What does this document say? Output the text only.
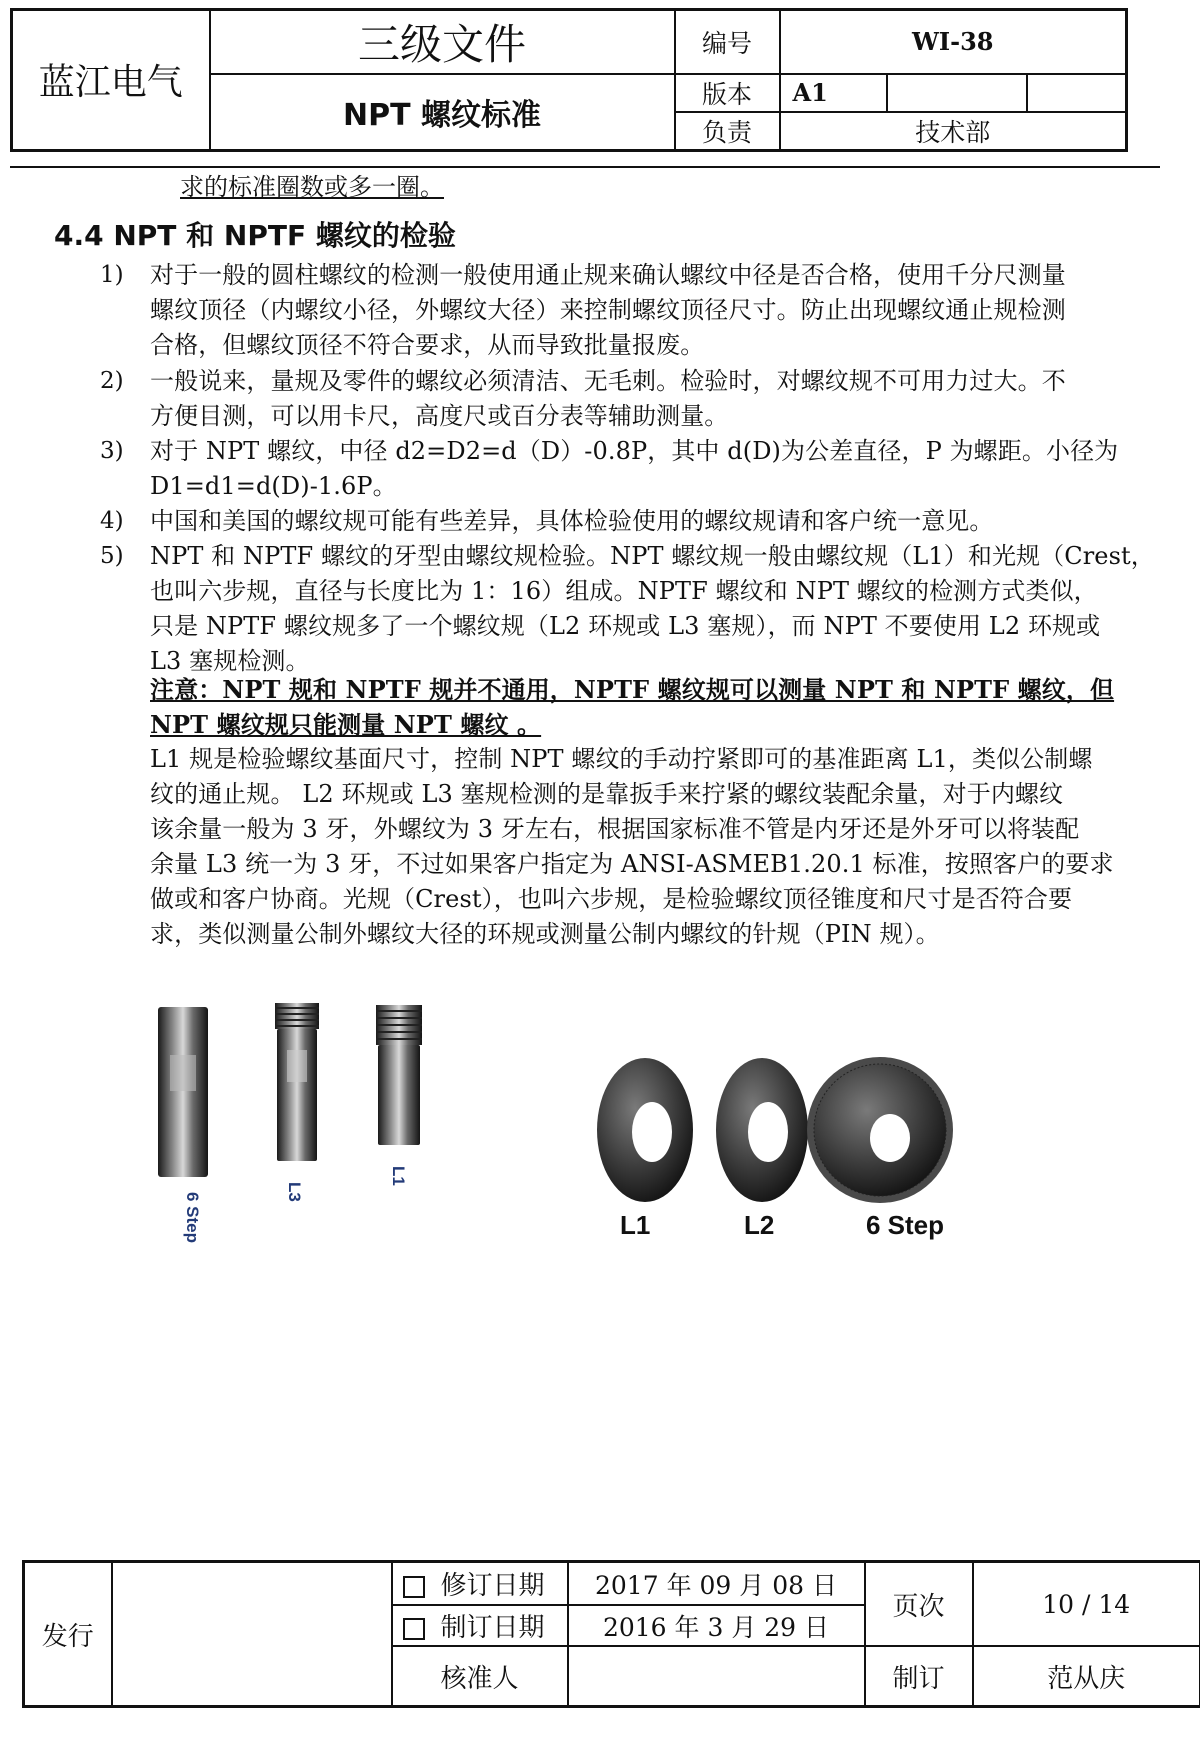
蓝江电气	三级文件	编号	WI-38			
	NPT 螺纹标准	版本	A1			
		负责	技术部			
求的标准圈数或多一圈。
4.4 NPT 和 NPTF 螺纹的检验
1) 对于一般的圆柱螺纹的检测一般使用通止规来确认螺纹中径是否合格，使用千分尺测量
螺纹顶径（内螺纹小径，外螺纹大径）来控制螺纹顶径尺寸。防止出现螺纹通止规检测
合格，但螺纹顶径不符合要求，从而导致批量报废。
2) 一般说来，量规及零件的螺纹必须清洁、无毛刺。检验时，对螺纹规不可用力过大。不
方便目测，可以用卡尺，高度尺或百分表等辅助测量。
3) 对于 NPT 螺纹，中径 d2=D2=d（D）-0.8P，其中 d(D)为公差直径，P 为螺距。小径为
D1=d1=d(D)-1.6P。
4) 中国和美国的螺纹规可能有些差异，具体检验使用的螺纹规请和客户统一意见。
5) NPT 和 NPTF 螺纹的牙型由螺纹规检验。NPT 螺纹规一般由螺纹规（L1）和光规（Crest，
也叫六步规，直径与长度比为 1：16）组成。NPTF 螺纹和 NPT 螺纹的检测方式类似，
只是 NPTF 螺纹规多了一个螺纹规（L2 环规或 L3 塞规），而 NPT 不要使用 L2 环规或
L3 塞规检测。
注意：NPT 规和 NPTF 规并不通用，NPTF 螺纹规可以测量 NPT 和 NPTF 螺纹，但
NPT 螺纹规只能测量 NPT 螺纹 。
L1 规是检验螺纹基面尺寸，控制 NPT 螺纹的手动拧紧即可的基准距离 L1，类似公制螺
纹的通止规。 L2 环规或 L3 塞规检测的是靠扳手来拧紧的螺纹装配余量，对于内螺纹
该余量一般为 3 牙，外螺纹为 3 牙左右，根据国家标准不管是内牙还是外牙可以将装配
余量 L3 统一为 3 牙，不过如果客户指定为 ANSI-ASMEB1.20.1 标准，按照客户的要求
做或和客户协商。光规（Crest），也叫六步规，是检验螺纹顶径锥度和尺寸是否符合要
求，类似测量公制外螺纹大径的环规或测量公制内螺纹的针规（PIN 规）。
6 Step
L3
L1
L1	L2	6 Step
发行		修订日期	2017 年 09 月 08 日	页次	10 / 14
		制订日期	2016 年 3 月 29 日		
		核准人		制订	范从庆
